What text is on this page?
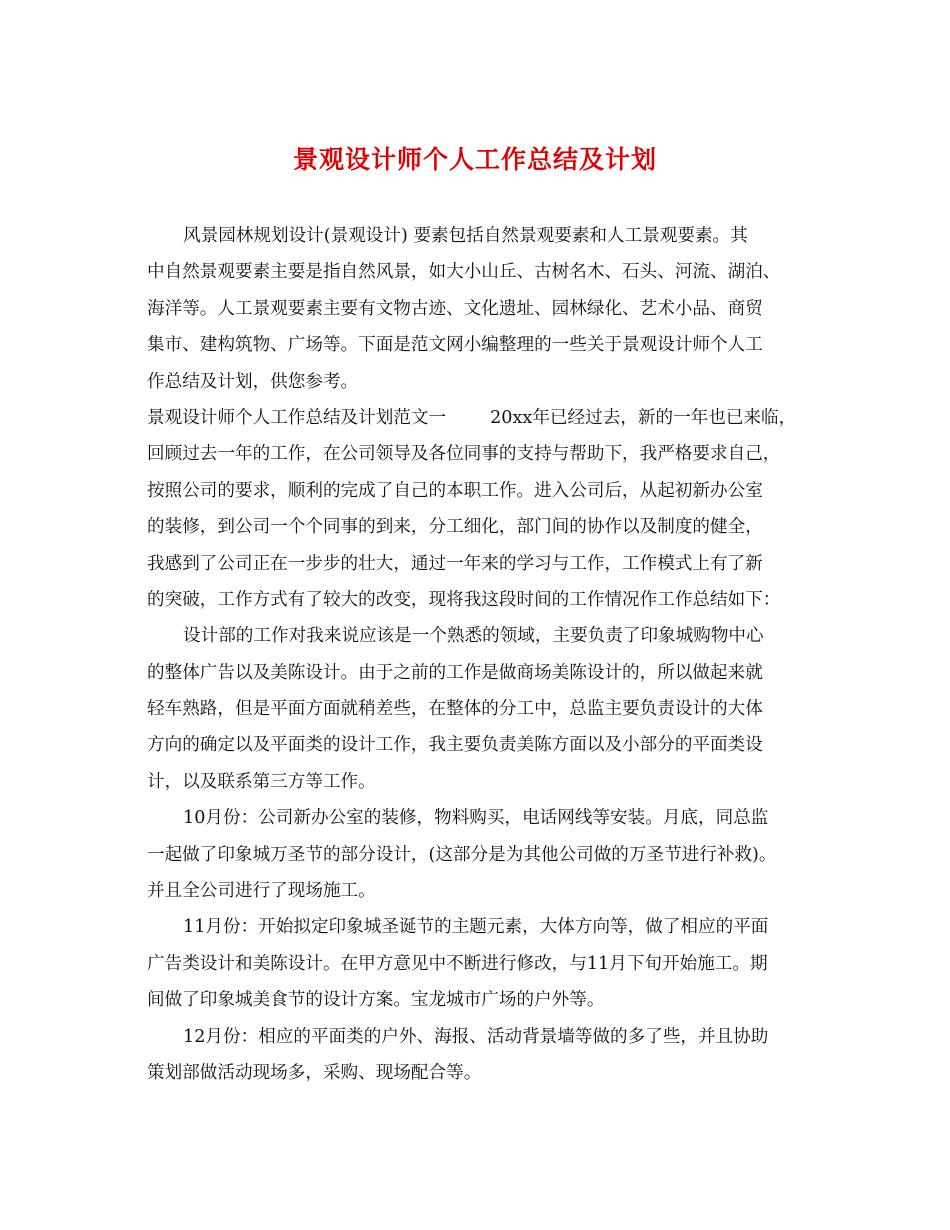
景观设计师个人工作总结及计划
风景园林规划设计(景观设计) 要素包括自然景观要素和人工景观要素。其
中自然景观要素主要是指自然风景，如大小山丘、古树名木、石头、河流、湖泊、
海洋等。人工景观要素主要有文物古迹、文化遗址、园林绿化、艺术小品、商贸
集市、建构筑物、广场等。下面是范文网小编整理的一些关于景观设计师个人工
作总结及计划，供您参考。
景观设计师个人工作总结及计划范文一	20xx年已经过去，新的一年也已来临，
回顾过去一年的工作，在公司领导及各位同事的支持与帮助下，我严格要求自己，
按照公司的要求，顺利的完成了自己的本职工作。进入公司后，从起初新办公室
的装修，到公司一个个同事的到来，分工细化，部门间的协作以及制度的健全，
我感到了公司正在一步步的壮大，通过一年来的学习与工作，工作模式上有了新
的突破，工作方式有了较大的改变，现将我这段时间的工作情况作工作总结如下：
设计部的工作对我来说应该是一个熟悉的领域，主要负责了印象城购物中心
的整体广告以及美陈设计。由于之前的工作是做商场美陈设计的，所以做起来就
轻车熟路，但是平面方面就稍差些，在整体的分工中，总监主要负责设计的大体
方向的确定以及平面类的设计工作，我主要负责美陈方面以及小部分的平面类设
计，以及联系第三方等工作。
10月份：公司新办公室的装修，物料购买，电话网线等安装。月底，同总监
一起做了印象城万圣节的部分设计，(这部分是为其他公司做的万圣节进行补救)。
并且全公司进行了现场施工。
11月份：开始拟定印象城圣诞节的主题元素，大体方向等，做了相应的平面
广告类设计和美陈设计。在甲方意见中不断进行修改，与11月下旬开始施工。期
间做了印象城美食节的设计方案。宝龙城市广场的户外等。
12月份：相应的平面类的户外、海报、活动背景墙等做的多了些，并且协助
策划部做活动现场多，采购、现场配合等。
